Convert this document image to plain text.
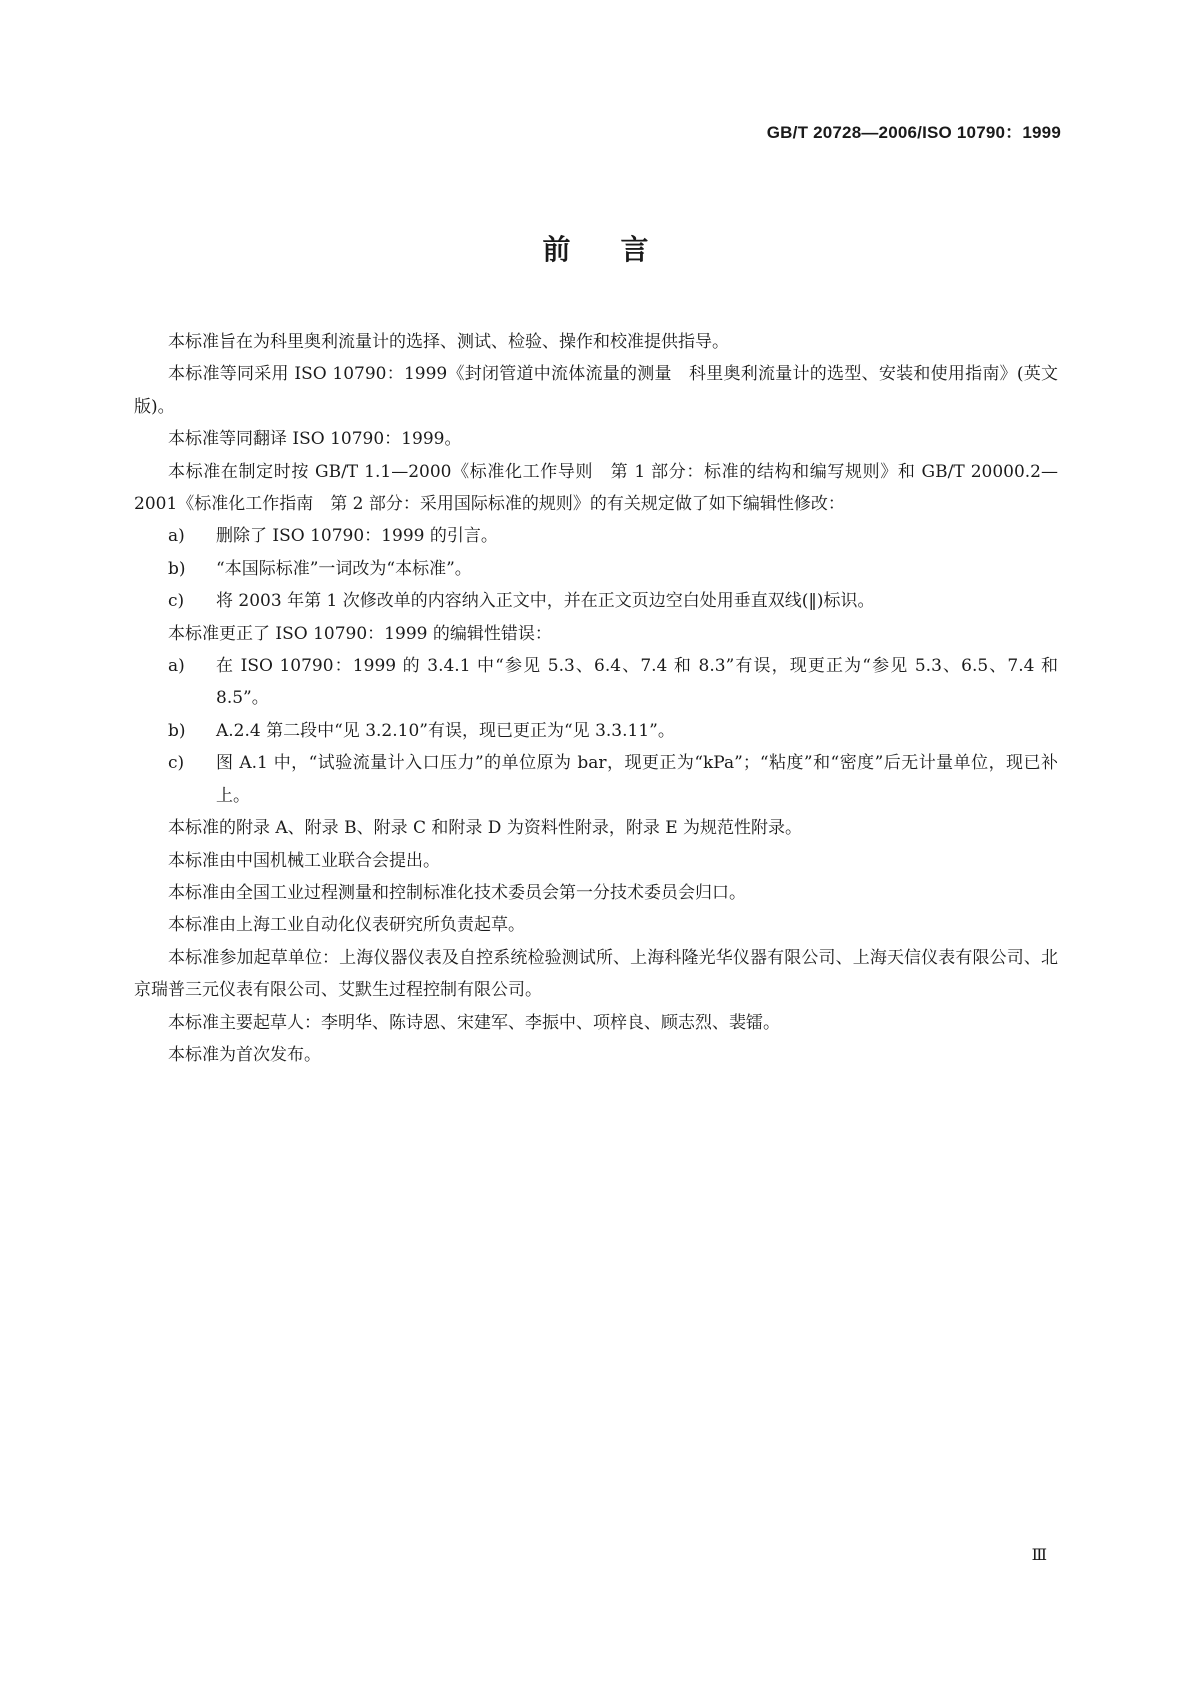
GB/T 20728—2006/ISO 10790：1999
前言

本标准旨在为科里奥利流量计的选择、测试、检验、操作和校准提供指导。

本标准等同采用 ISO 10790：1999《封闭管道中流体流量的测量　科里奥利流量计的选型、安装和使用指南》(英文版)。

本标准等同翻译 ISO 10790：1999。

本标准在制定时按 GB/T 1.1—2000《标准化工作导则　第 1 部分：标准的结构和编写规则》和 GB/T 20000.2—2001《标准化工作指南　第 2 部分：采用国际标准的规则》的有关规定做了如下编辑性修改：

a)	删除了 ISO 10790：1999 的引言。
b)	“本国际标准”一词改为“本标准”。
c)	将 2003 年第 1 次修改单的内容纳入正文中，并在正文页边空白处用垂直双线(‖)标识。

本标准更正了 ISO 10790：1999 的编辑性错误：

a)	在 ISO 10790：1999 的 3.4.1 中“参见 5.3、6.4、7.4 和 8.3”有误，现更正为“参见 5.3、6.5、7.4 和 8.5”。
b)	A.2.4 第二段中“见 3.2.10”有误，现已更正为“见 3.3.11”。
c)	图 A.1 中，“试验流量计入口压力”的单位原为 bar，现更正为“kPa”；“粘度”和“密度”后无计量单位，现已补上。

本标准的附录 A、附录 B、附录 C 和附录 D 为资料性附录，附录 E 为规范性附录。

本标准由中国机械工业联合会提出。

本标准由全国工业过程测量和控制标准化技术委员会第一分技术委员会归口。

本标准由上海工业自动化仪表研究所负责起草。

本标准参加起草单位：上海仪器仪表及自控系统检验测试所、上海科隆光华仪器有限公司、上海天信仪表有限公司、北京瑞普三元仪表有限公司、艾默生过程控制有限公司。

本标准主要起草人：李明华、陈诗恩、宋建军、李振中、项梓良、顾志烈、裴镭。

本标准为首次发布。

Ⅲ
